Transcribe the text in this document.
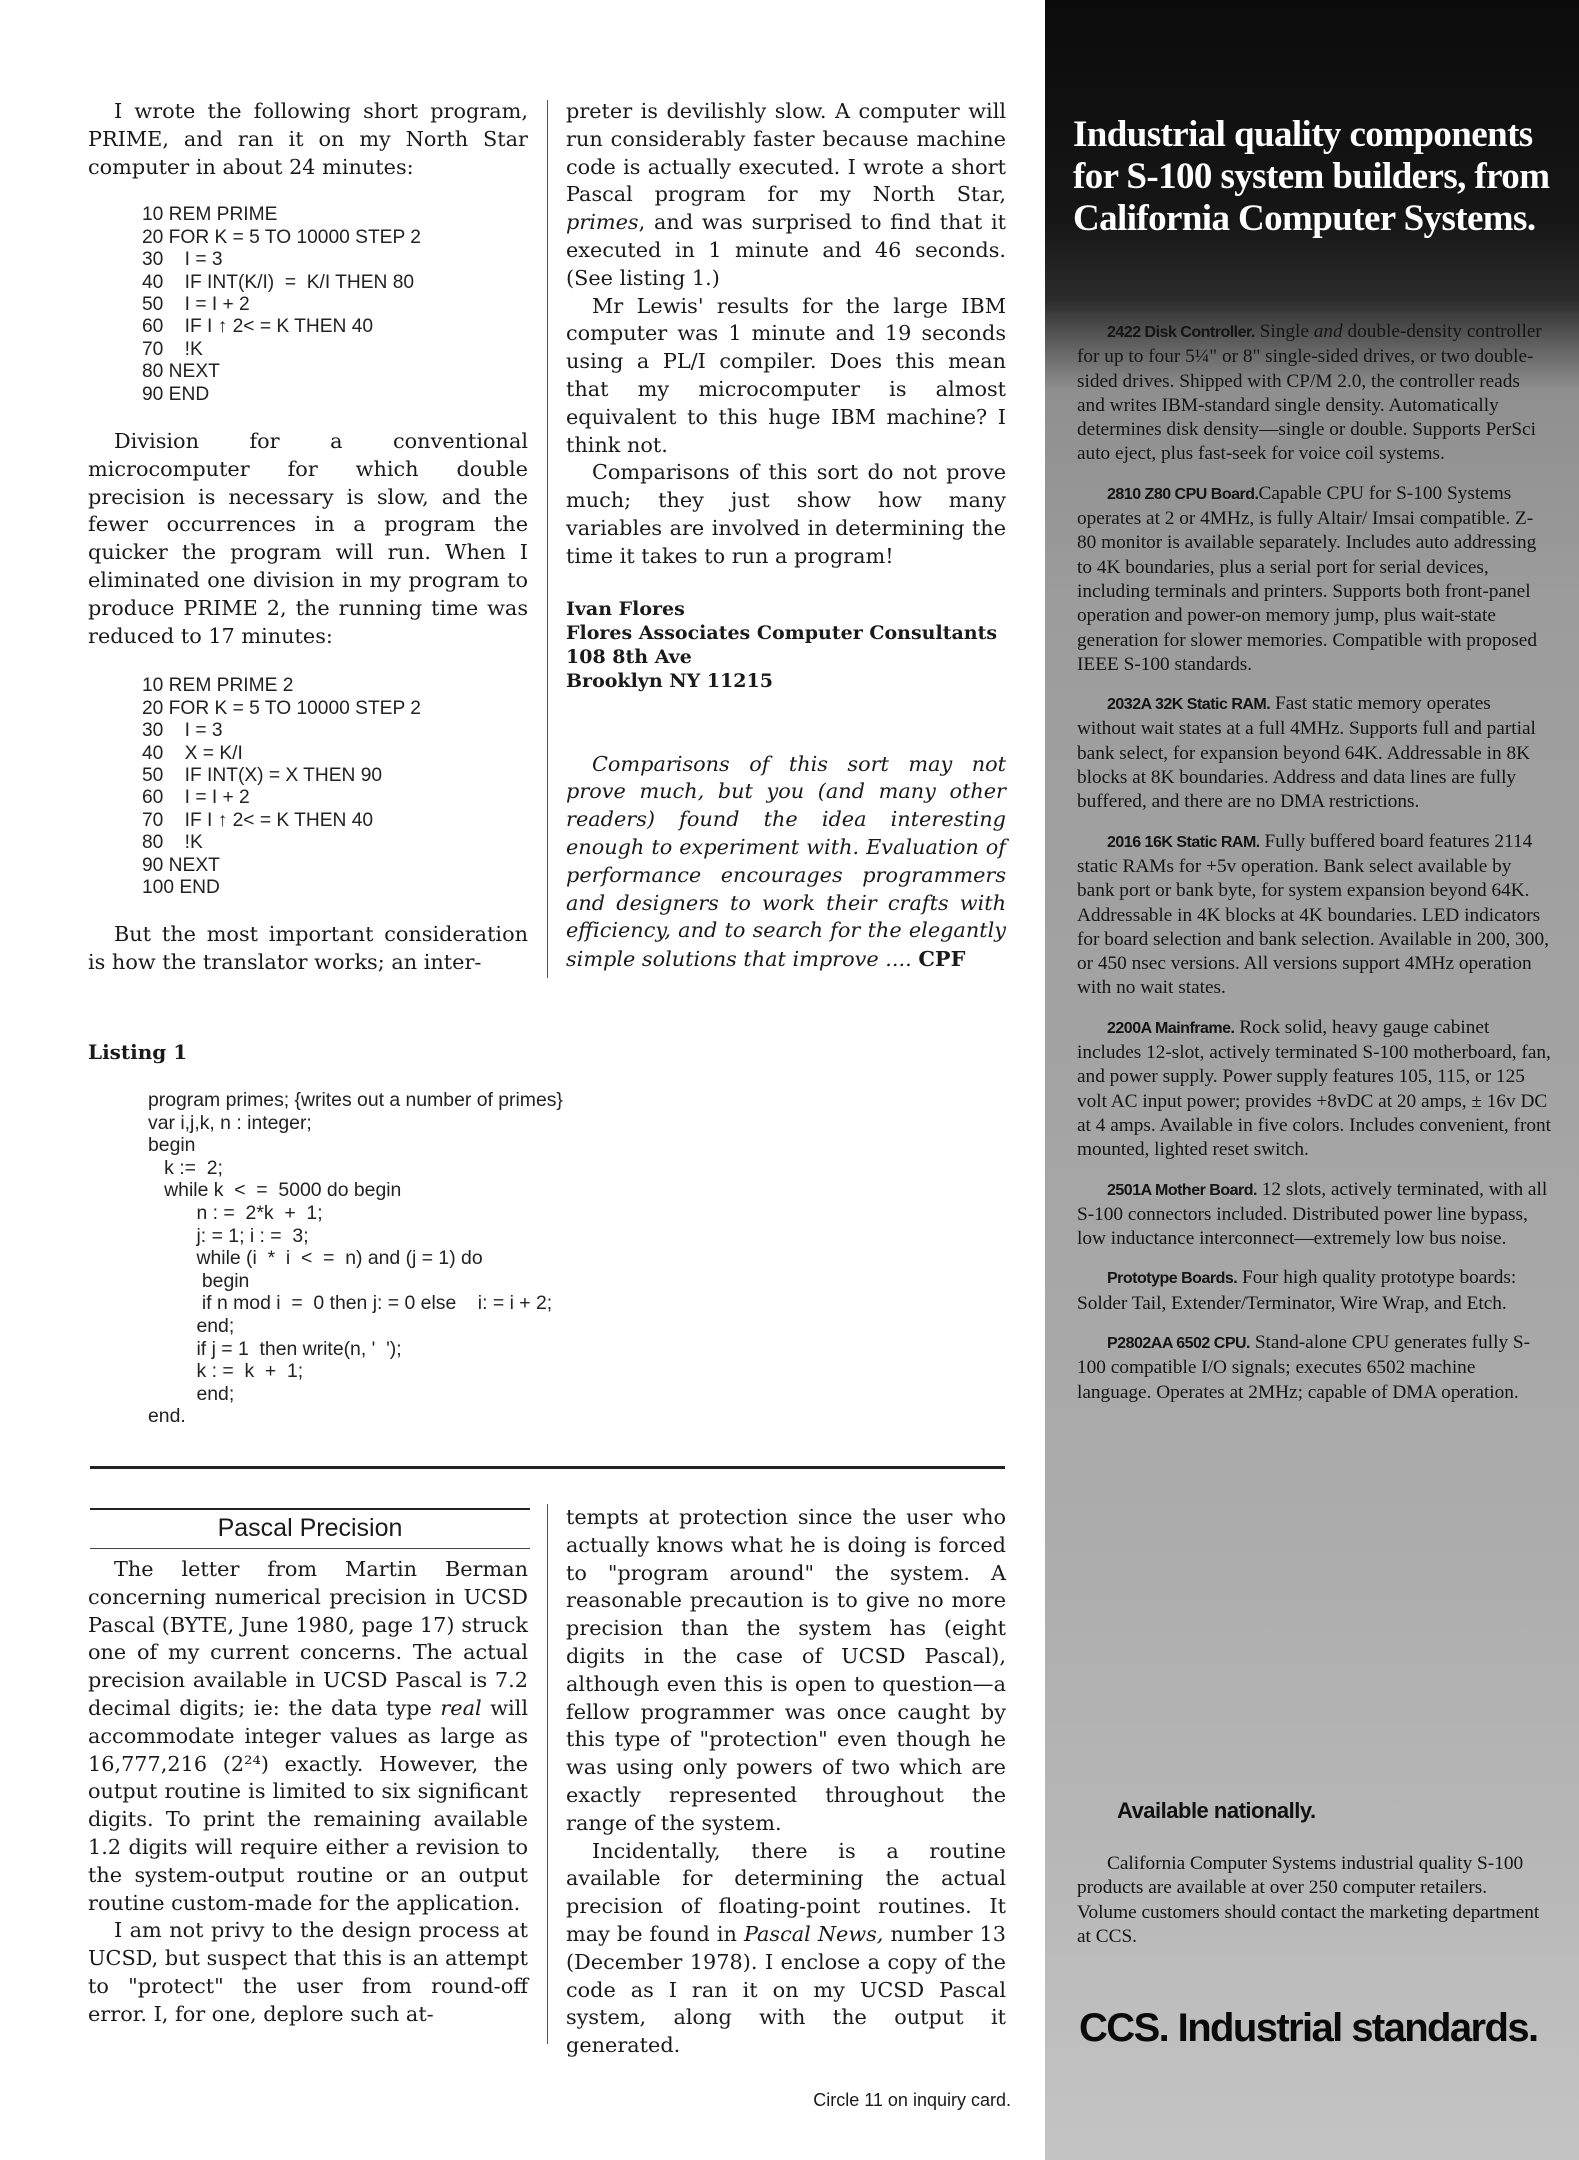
I wrote the following short program, PRIME, and ran it on my North Star computer in about 24 minutes:

10 REM PRIME
20 FOR K = 5 TO 10000 STEP 2
30    I = 3
40    IF INT(K/I)  =  K/I THEN 80
50    I = I + 2
60    IF I ↑ 2< = K THEN 40
70    !K
80 NEXT
90 END

Division for a conventional microcomputer for which double precision is necessary is slow, and the fewer occurrences in a program the quicker the program will run. When I eliminated one division in my program to produce PRIME 2, the running time was reduced to 17 minutes:

10 REM PRIME 2
20 FOR K = 5 TO 10000 STEP 2
30    I = 3
40    X = K/I
50    IF INT(X) = X THEN 90
60    I = I + 2
70    IF I ↑ 2< = K THEN 40
80    !K
90 NEXT
100 END

But the most important consideration is how the translator works; an inter-

preter is devilishly slow. A computer will run considerably faster because machine code is actually executed. I wrote a short Pascal program for my North Star, primes, and was surprised to find that it executed in 1 minute and 46 seconds. (See listing 1.)

Mr Lewis' results for the large IBM computer was 1 minute and 19 seconds using a PL/I compiler. Does this mean that my microcomputer is almost equivalent to this huge IBM machine? I think not.

Comparisons of this sort do not prove much; they just show how many variables are involved in determining the time it takes to run a program!

Ivan Flores

Flores Associates Computer Consultants

108 8th Ave

Brooklyn NY 11215

Comparisons of this sort may not prove much, but you (and many other readers) found the idea interesting enough to experiment with. Evaluation of performance encourages programmers and designers to work their crafts with efficiency, and to search for the elegantly simple solutions that improve .... CPF

Listing 1
program primes; {writes out a number of primes}
var i,j,k, n : integer;
begin
k :=  2;
while k  <  =  5000 do begin
n : =  2*k  +  1;
j: = 1; i : =  3;
while (i  *  i  <  =  n) and (j = 1) do
begin
if n mod i  =  0 then j: = 0 else    i: = i + 2;
end;
if j = 1  then write(n, '  ');
k : =  k  +  1;
end;
end.
Pascal Precision

The letter from Martin Berman concerning numerical precision in UCSD Pascal (BYTE, June 1980, page 17) struck one of my current concerns. The actual precision available in UCSD Pascal is 7.2 decimal digits; ie: the data type real will accommodate integer values as large as 16,777,216 (2²⁴) exactly. However, the output routine is limited to six significant digits. To print the remaining available 1.2 digits will require either a revision to the system-output routine or an output routine custom-made for the application.

I am not privy to the design process at UCSD, but suspect that this is an attempt to "protect" the user from round-off error. I, for one, deplore such at-

tempts at protection since the user who actually knows what he is doing is forced to "program around" the system. A reasonable precaution is to give no more precision than the system has (eight digits in the case of UCSD Pascal), although even this is open to question—a fellow programmer was once caught by this type of "protection" even though he was using only powers of two which are exactly represented throughout the range of the system.

Incidentally, there is a routine available for determining the actual precision of floating-point routines. It may be found in Pascal News, number 13 (December 1978). I enclose a copy of the code as I ran it on my UCSD Pascal system, along with the output it generated.

Circle 11 on inquiry card.
Industrial quality components for S-100 system builders, from California Computer Systems.

2422 Disk Controller. Single and double-density controller for up to four 5¼" or 8" single-sided drives, or two double-sided drives. Shipped with CP/M 2.0, the controller reads and writes IBM-standard single density. Automatically determines disk density—single or double. Supports PerSci auto eject, plus fast-seek for voice coil systems.

2810 Z80 CPU Board.Capable CPU for S-100 Systems operates at 2 or 4MHz, is fully Altair/ Imsai compatible. Z-80 monitor is available separately. Includes auto addressing to 4K boundaries, plus a serial port for serial devices, including terminals and printers. Supports both front-panel operation and power-on memory jump, plus wait-state generation for slower memories. Compatible with proposed IEEE S-100 standards.

2032A 32K Static RAM. Fast static memory operates without wait states at a full 4MHz. Supports full and partial bank select, for expansion beyond 64K. Addressable in 8K blocks at 8K boundaries. Address and data lines are fully buffered, and there are no DMA restrictions.

2016 16K Static RAM. Fully buffered board features 2114 static RAMs for +5v operation. Bank select available by bank port or bank byte, for system expansion beyond 64K. Addressable in 4K blocks at 4K boundaries. LED indicators for board selection and bank selection. Available in 200, 300, or 450 nsec versions. All versions support 4MHz operation with no wait states.

2200A Mainframe. Rock solid, heavy gauge cabinet includes 12-slot, actively terminated S-100 motherboard, fan, and power supply. Power supply features 105, 115, or 125 volt AC input power; provides +8vDC at 20 amps, ± 16v DC at 4 amps. Available in five colors. Includes convenient, front mounted, lighted reset switch.

2501A Mother Board. 12 slots, actively terminated, with all S-100 connectors included. Distributed power line bypass, low inductance interconnect—extremely low bus noise.

Prototype Boards. Four high quality prototype boards: Solder Tail, Extender/Terminator, Wire Wrap, and Etch.

P2802AA 6502 CPU. Stand-alone CPU generates fully S-100 compatible I/O signals; executes 6502 machine language. Operates at 2MHz; capable of DMA operation.

Available nationally.
California Computer Systems industrial quality S-100 products are available at over 250 computer retailers. Volume customers should contact the marketing department at CCS.
CCS. Industrial standards.
